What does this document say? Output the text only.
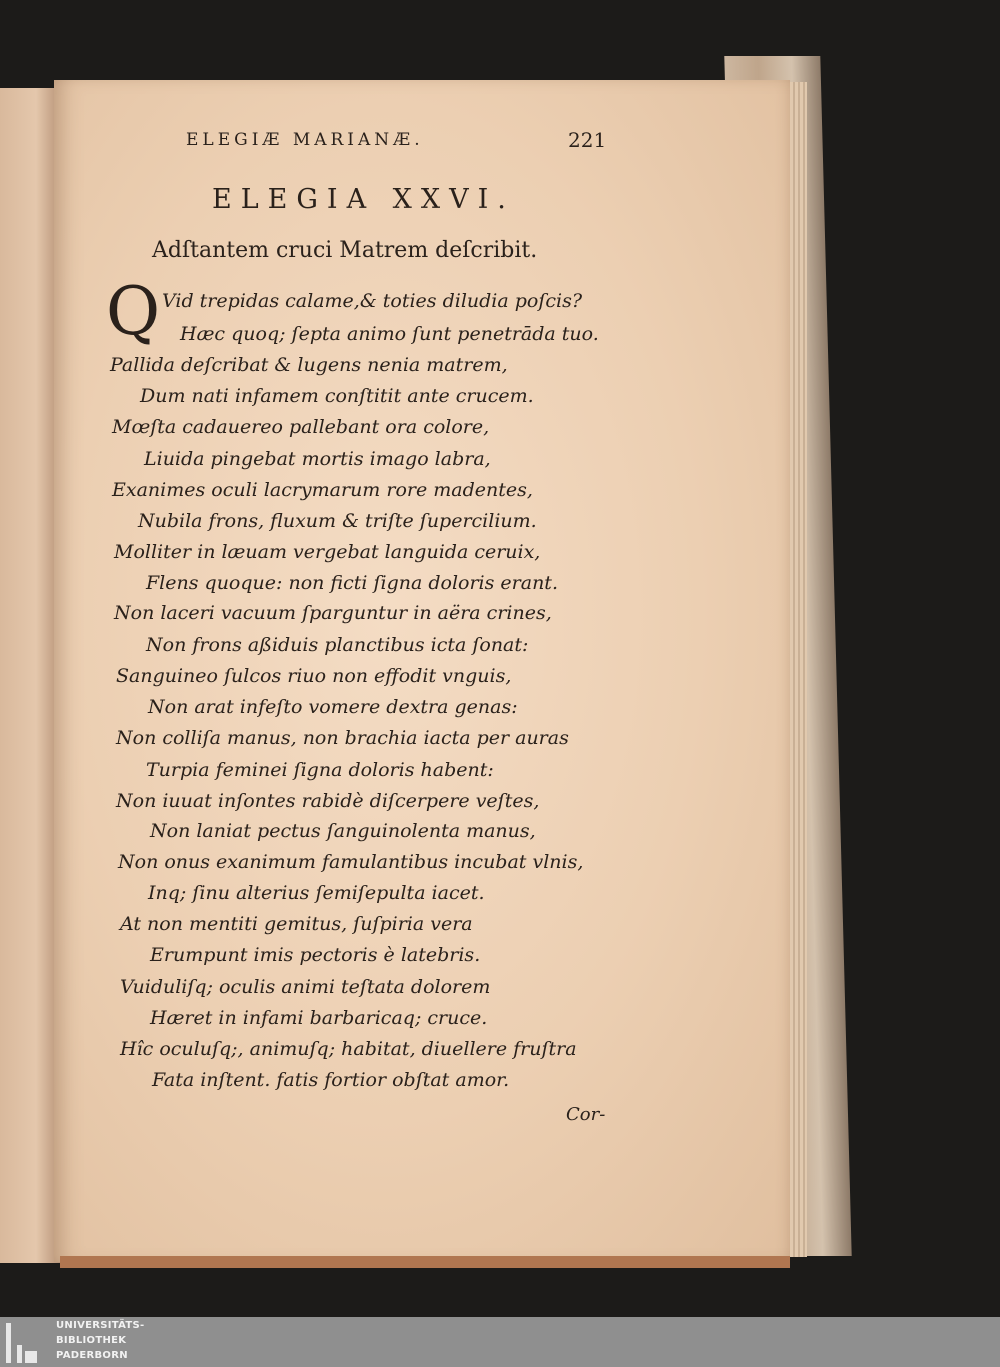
ELEGIÆ MARIANÆ.	221
ELEGIA XXVI.
Adſtantem cruci Matrem deſcribit.
Q Vid trepidas calame,& toties diludia poſcis?
Hæc quoq; ſepta animo ſunt penetrāda tuo.
Pallida deſcribat & lugens nenia matrem,
Dum nati infamem conſtitit ante crucem.
Mœſta cadauereo pallebant ora colore,
Liuida pingebat mortis imago labra,
Exanimes oculi lacrymarum rore madentes,
Nubila frons, fluxum & triſte ſupercilium.
Molliter in læuam vergebat languida ceruix,
Flens quoque: non ficti ſigna doloris erant.
Non laceri vacuum ſparguntur in aëra crines,
Non frons aßiduis planctibus icta ſonat:
Sanguineo ſulcos riuo non effodit vnguis,
Non arat infeſto vomere dextra genas:
Non colliſa manus, non brachia iacta per auras
Turpia feminei ſigna doloris habent:
Non iuuat inſontes rabidè diſcerpere veſtes,
Non laniat pectus ſanguinolenta manus,
Non onus exanimum famulantibus incubat vlnis,
Inq; ſinu alterius ſemiſepulta iacet.
At non mentiti gemitus, ſuſpiria vera
Erumpunt imis pectoris è latebris.
Vuiduliſq; oculis animi teſtata dolorem
Hæret in infami barbaricaq; cruce.
Hîc oculuſq;, animuſq; habitat, diuellere fruſtra
Fata inſtent. fatis fortior obſtat amor.
Cor-
UNIVERSITÄTS-
BIBLIOTHEK
PADERBORN
